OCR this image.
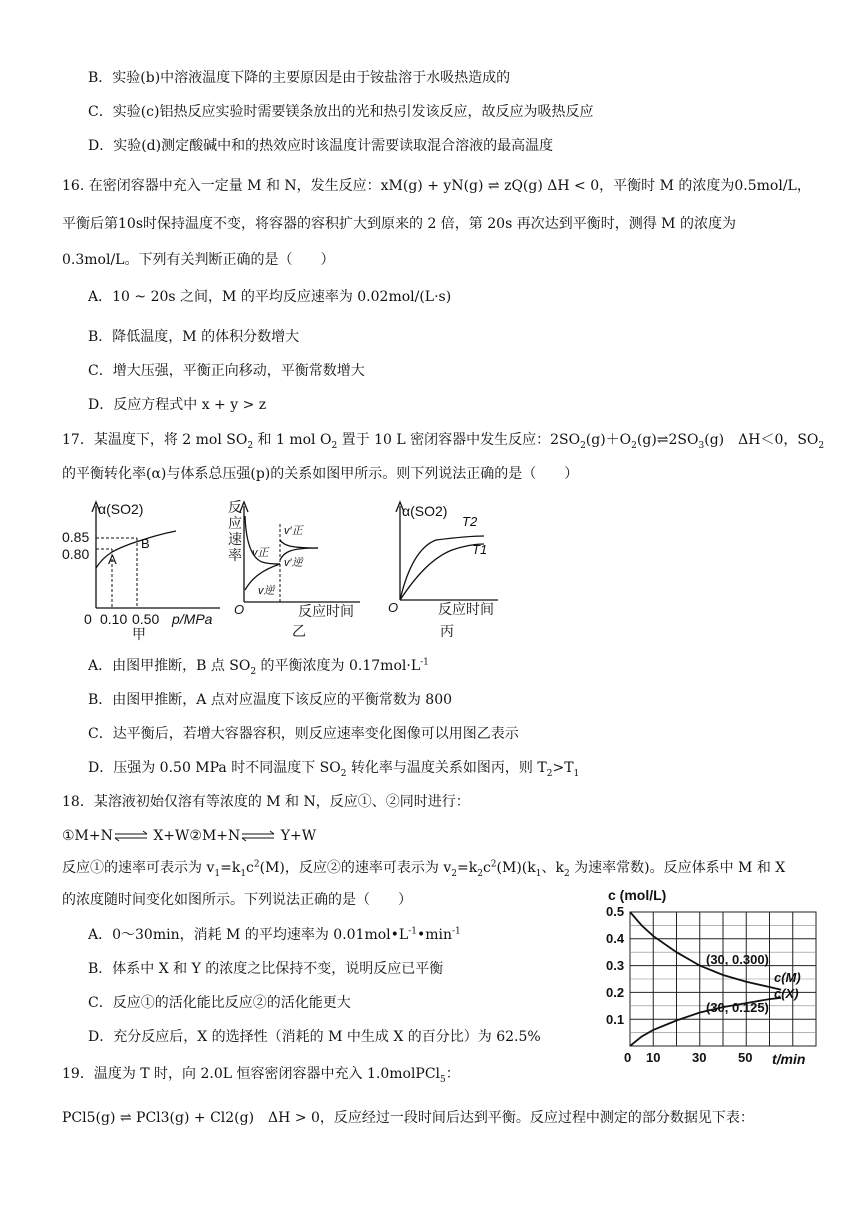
B．实验(b)中溶液温度下降的主要原因是由于铵盐溶于水吸热造成的
C．实验(c)铝热反应实验时需要镁条放出的光和热引发该反应，故反应为吸热反应
D．实验(d)测定酸碱中和的热效应时该温度计需要读取混合溶液的最高温度
16. 在密闭容器中充入一定量 M 和 N，发生反应：xM(g) + yN(g) ⇌ zQ(g) ΔH < 0，平衡时 M 的浓度为0.5mol/L，
平衡后第10s时保持温度不变，将容器的容积扩大到原来的 2 倍，第 20s 再次达到平衡时，测得 M 的浓度为
0.3mol/L。下列有关判断正确的是（　　）
A．10 ~ 20s 之间，M 的平均反应速率为 0.02mol/(L·s)
B．降低温度，M 的体积分数增大
C．增大压强，平衡正向移动，平衡常数增大
D．反应方程式中 x + y > z
17．某温度下，将 2 mol $SO_2$ 和 1 mol $O_2$ 置于 10 L 密闭容器中发生反应：$2SO_2(g)+O_2(g)\rightleftharpoons 2SO_3(g)$　ΔH＜0，$SO_2$
的平衡转化率(α)与体系总压强(p)的关系如图甲所示。则下列说法正确的是（　　）
α(SO2)
0.85
0.80 A
B
0 0.10 0.50 p/MPa
甲
反
应
速
率 v正
v逆
v′正
v′逆
O	反应时间
乙
α(SO2)
T2
T1
O	反应时间
丙
A．由图甲推断，B 点 $SO_2$ 的平衡浓度为 $0.17mol\cdot L^{-1}$
B．由图甲推断，A 点对应温度下该反应的平衡常数为 800
C．达平衡后，若增大容器容积，则反应速率变化图像可以用图乙表示
D．压强为 0.50 MPa 时不同温度下 $SO_2$ 转化率与温度关系如图丙，则 $T_2>T_1$
18．某溶液初始仅溶有等浓度的 M 和 N，反应①、②同时进行：
①M+N⇌ X+W②M+N⇌ Y+W
反应①的速率可表示为 $v_1=k_1c^2(M)$，反应②的速率可表示为 $v_2=k_2c^2(M)(k_1$、$k_2$ 为速率常数)。反应体系中 M 和 X
的浓度随时间变化如图所示。下列说法正确的是（　　）
A．0～30min，消耗 M 的平均速率为 $0.01mol•L^{-1}•\min^{-1}$
B．体系中 X 和 Y 的浓度之比保持不变，说明反应已平衡
C．反应①的活化能比反应②的活化能更大
D．充分反应后，X 的选择性（消耗的 M 中生成 X 的百分比）为 62.5%
c (mol/L)
0.5
0.4
0.3
0.2
0.1
0 10 30 50 t/min
(30, 0.300)
(30, 0.125)
c(M)
c(X)
19．温度为 T 时，向 2.0L 恒容密闭容器中充入 1.0molPCl$_5$：
PCl5(g) ⇌ PCl3(g) + Cl2(g)　ΔH > 0，反应经过一段时间后达到平衡。反应过程中测定的部分数据见下表：
